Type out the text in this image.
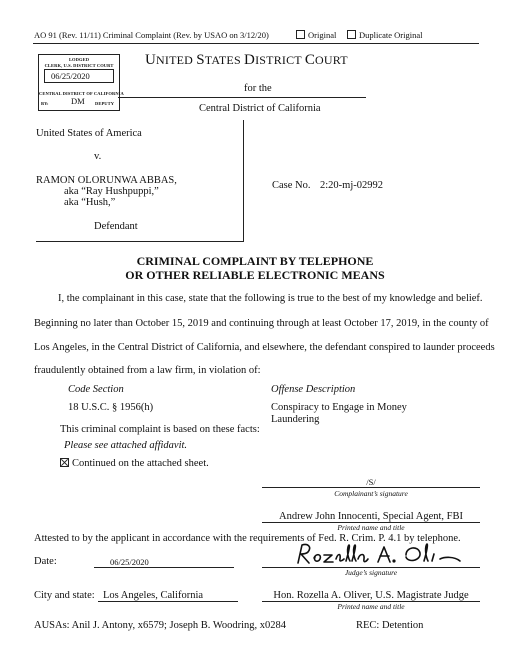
AO 91 (Rev. 11/11) Criminal Complaint (Rev. by USAO on 3/12/20)	Original	Duplicate Original
LODGED
CLERK, U.S. DISTRICT COURT
06/25/2020
CENTRAL DISTRICT OF CALIFORNIA
BY:	DM DEPUTY
UNITED STATES DISTRICT COURT
for the
Central District of California
United States of America
v.
RAMON OLORUNWA ABBAS,
aka “Ray Hushpuppi,”
aka “Hush,”
Defendant
Case No. 2:20-mj-02992
CRIMINAL COMPLAINT BY TELEPHONE
OR OTHER RELIABLE ELECTRONIC MEANS
I, the complainant in this case, state that the following is true to the best of my knowledge and belief.
Beginning no later than October 15, 2019 and continuing through at least October 17, 2019, in the county of
Los Angeles, in the Central District of California, and elsewhere, the defendant conspired to launder proceeds
fraudulently obtained from a law firm, in violation of:
Code Section	Offense Description
18 U.S.C. § 1956(h)	Conspiracy to Engage in Money
Laundering
This criminal complaint is based on these facts:
Please see attached affidavit.
Continued on the attached sheet.
/S/
Complainant’s signature
Andrew John Innocenti, Special Agent, FBI
Printed name and title
Attested to by the applicant in accordance with the requirements of Fed. R. Crim. P. 4.1 by telephone.
Date:	06/25/2020
Judge’s signature
City and state: Los Angeles, California	Hon. Rozella A. Oliver, U.S. Magistrate Judge
Printed name and title
AUSAs: Anil J. Antony, x6579; Joseph B. Woodring, x0284	REC: Detention
